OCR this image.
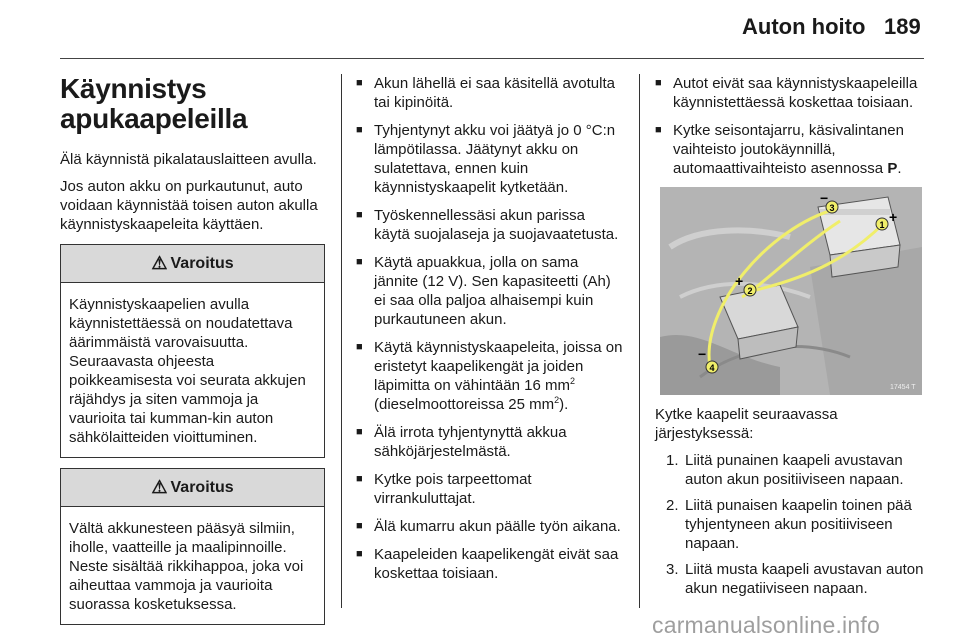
Auton hoito 189
Käynnistys apukaapeleilla

Älä käynnistä pikalatauslaitteen avulla.

Jos auton akku on purkautunut, auto voidaan käynnistää toisen auton akulla käynnistyskaapeleita käyttäen.

⚠ Varoitus
Käynnistyskaapelien avulla käynnistettäessä on noudatettava äärimmäistä varovaisuutta. Seuraavasta ohjeesta poikkeamisesta voi seurata akkujen räjähdys ja siten vammoja ja vaurioita tai kumman-kin auton sähkölaitteiden vioittuminen.
⚠ Varoitus
Vältä akkunesteen pääsyä silmiin, iholle, vaatteille ja maalipinnoille. Neste sisältää rikkihappoa, joka voi aiheuttaa vammoja ja vaurioita suorassa kosketuksessa.
■ Akun lähellä ei saa käsitellä avotulta tai kipinöitä.
■ Tyhjentynyt akku voi jäätyä jo 0 °C:n lämpötilassa. Jäätynyt akku on sulatettava, ennen kuin käynnistyskaapelit kytketään.
■ Työskennellessäsi akun parissa käytä suojalaseja ja suojavaatetusta.
■ Käytä apuakkua, jolla on sama jännite (12 V). Sen kapasiteetti (Ah) ei saa olla paljoa alhaisempi kuin purkautuneen akun.
■ Käytä käynnistyskaapeleita, joissa on eristetyt kaapelikengät ja joiden läpimitta on vähintään 16 $mm^2$ (dieselmoottoreissa 25 $mm^2$).
■ Älä irrota tyhjentynyttä akkua sähköjärjestelmästä.
■ Kytke pois tarpeettomat virrankuluttajat.
■ Älä kumarru akun päälle työn aikana.
■ Kaapeleiden kaapelikengät eivät saa koskettaa toisiaan.
■ Autot eivät saa käynnistyskaapeleilla käynnistettäessä koskettaa toisiaan.
■ Kytke seisontajarru, käsivalintanen vaihteisto joutokäynnillä, automaattivaihteisto asennossa P.
1
2
3
4
+
+
−
−
17454 T

Kytke kaapelit seuraavassa järjestyksessä:

1. Liitä punainen kaapeli avustavan auton akun positiiviseen napaan.
2. Liitä punaisen kaapelin toinen pää tyhjentyneen akun positiiviseen napaan.
3. Liitä musta kaapeli avustavan auton akun negatiiviseen napaan.
carmanualsonline.info
